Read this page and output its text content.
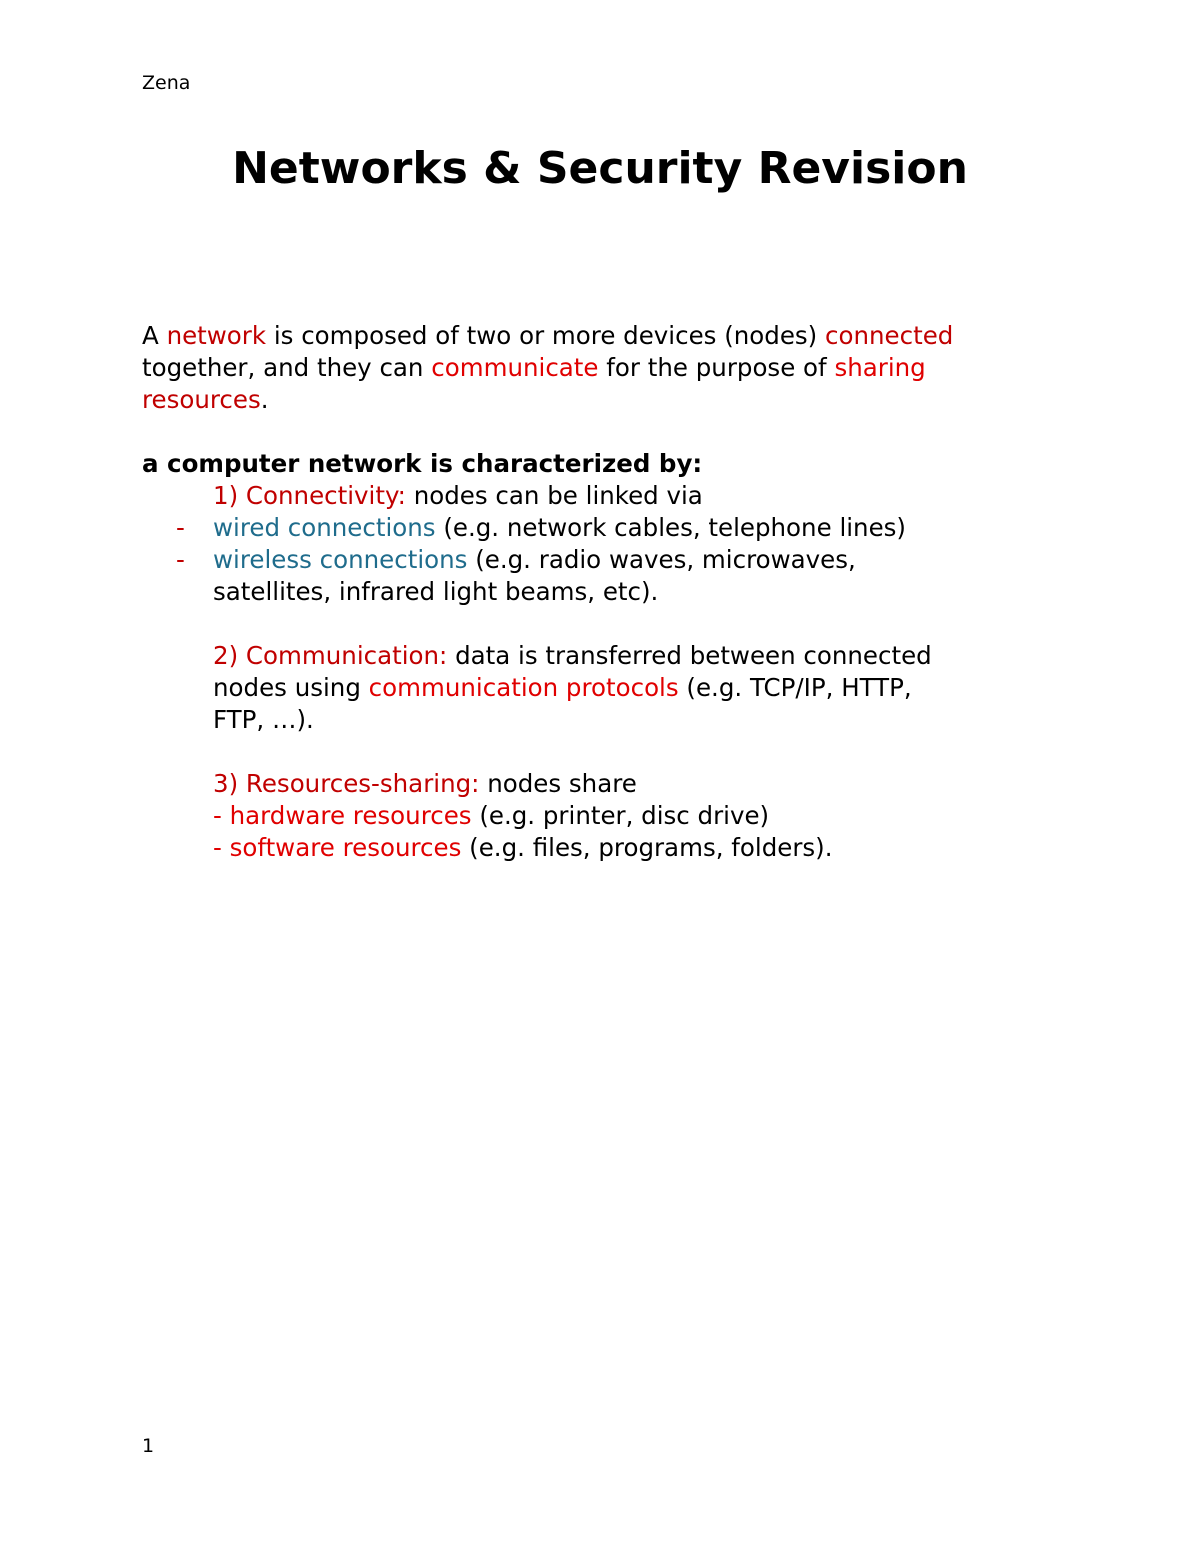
Zena
Networks & Security Revision
A network is composed of two or more devices (nodes) connected
together, and they can communicate for the purpose of sharing
resources.
a computer network is characterized by:
1) Connectivity: nodes can be linked via
- wired connections (e.g. network cables, telephone lines)
- wireless connections (e.g. radio waves, microwaves,
satellites, infrared light beams, etc).
2) Communication: data is transferred between connected
nodes using communication protocols (e.g. TCP/IP, HTTP,
FTP, …).
3) Resources-sharing: nodes share
- hardware resources (e.g. printer, disc drive)
- software resources (e.g. files, programs, folders).
1
